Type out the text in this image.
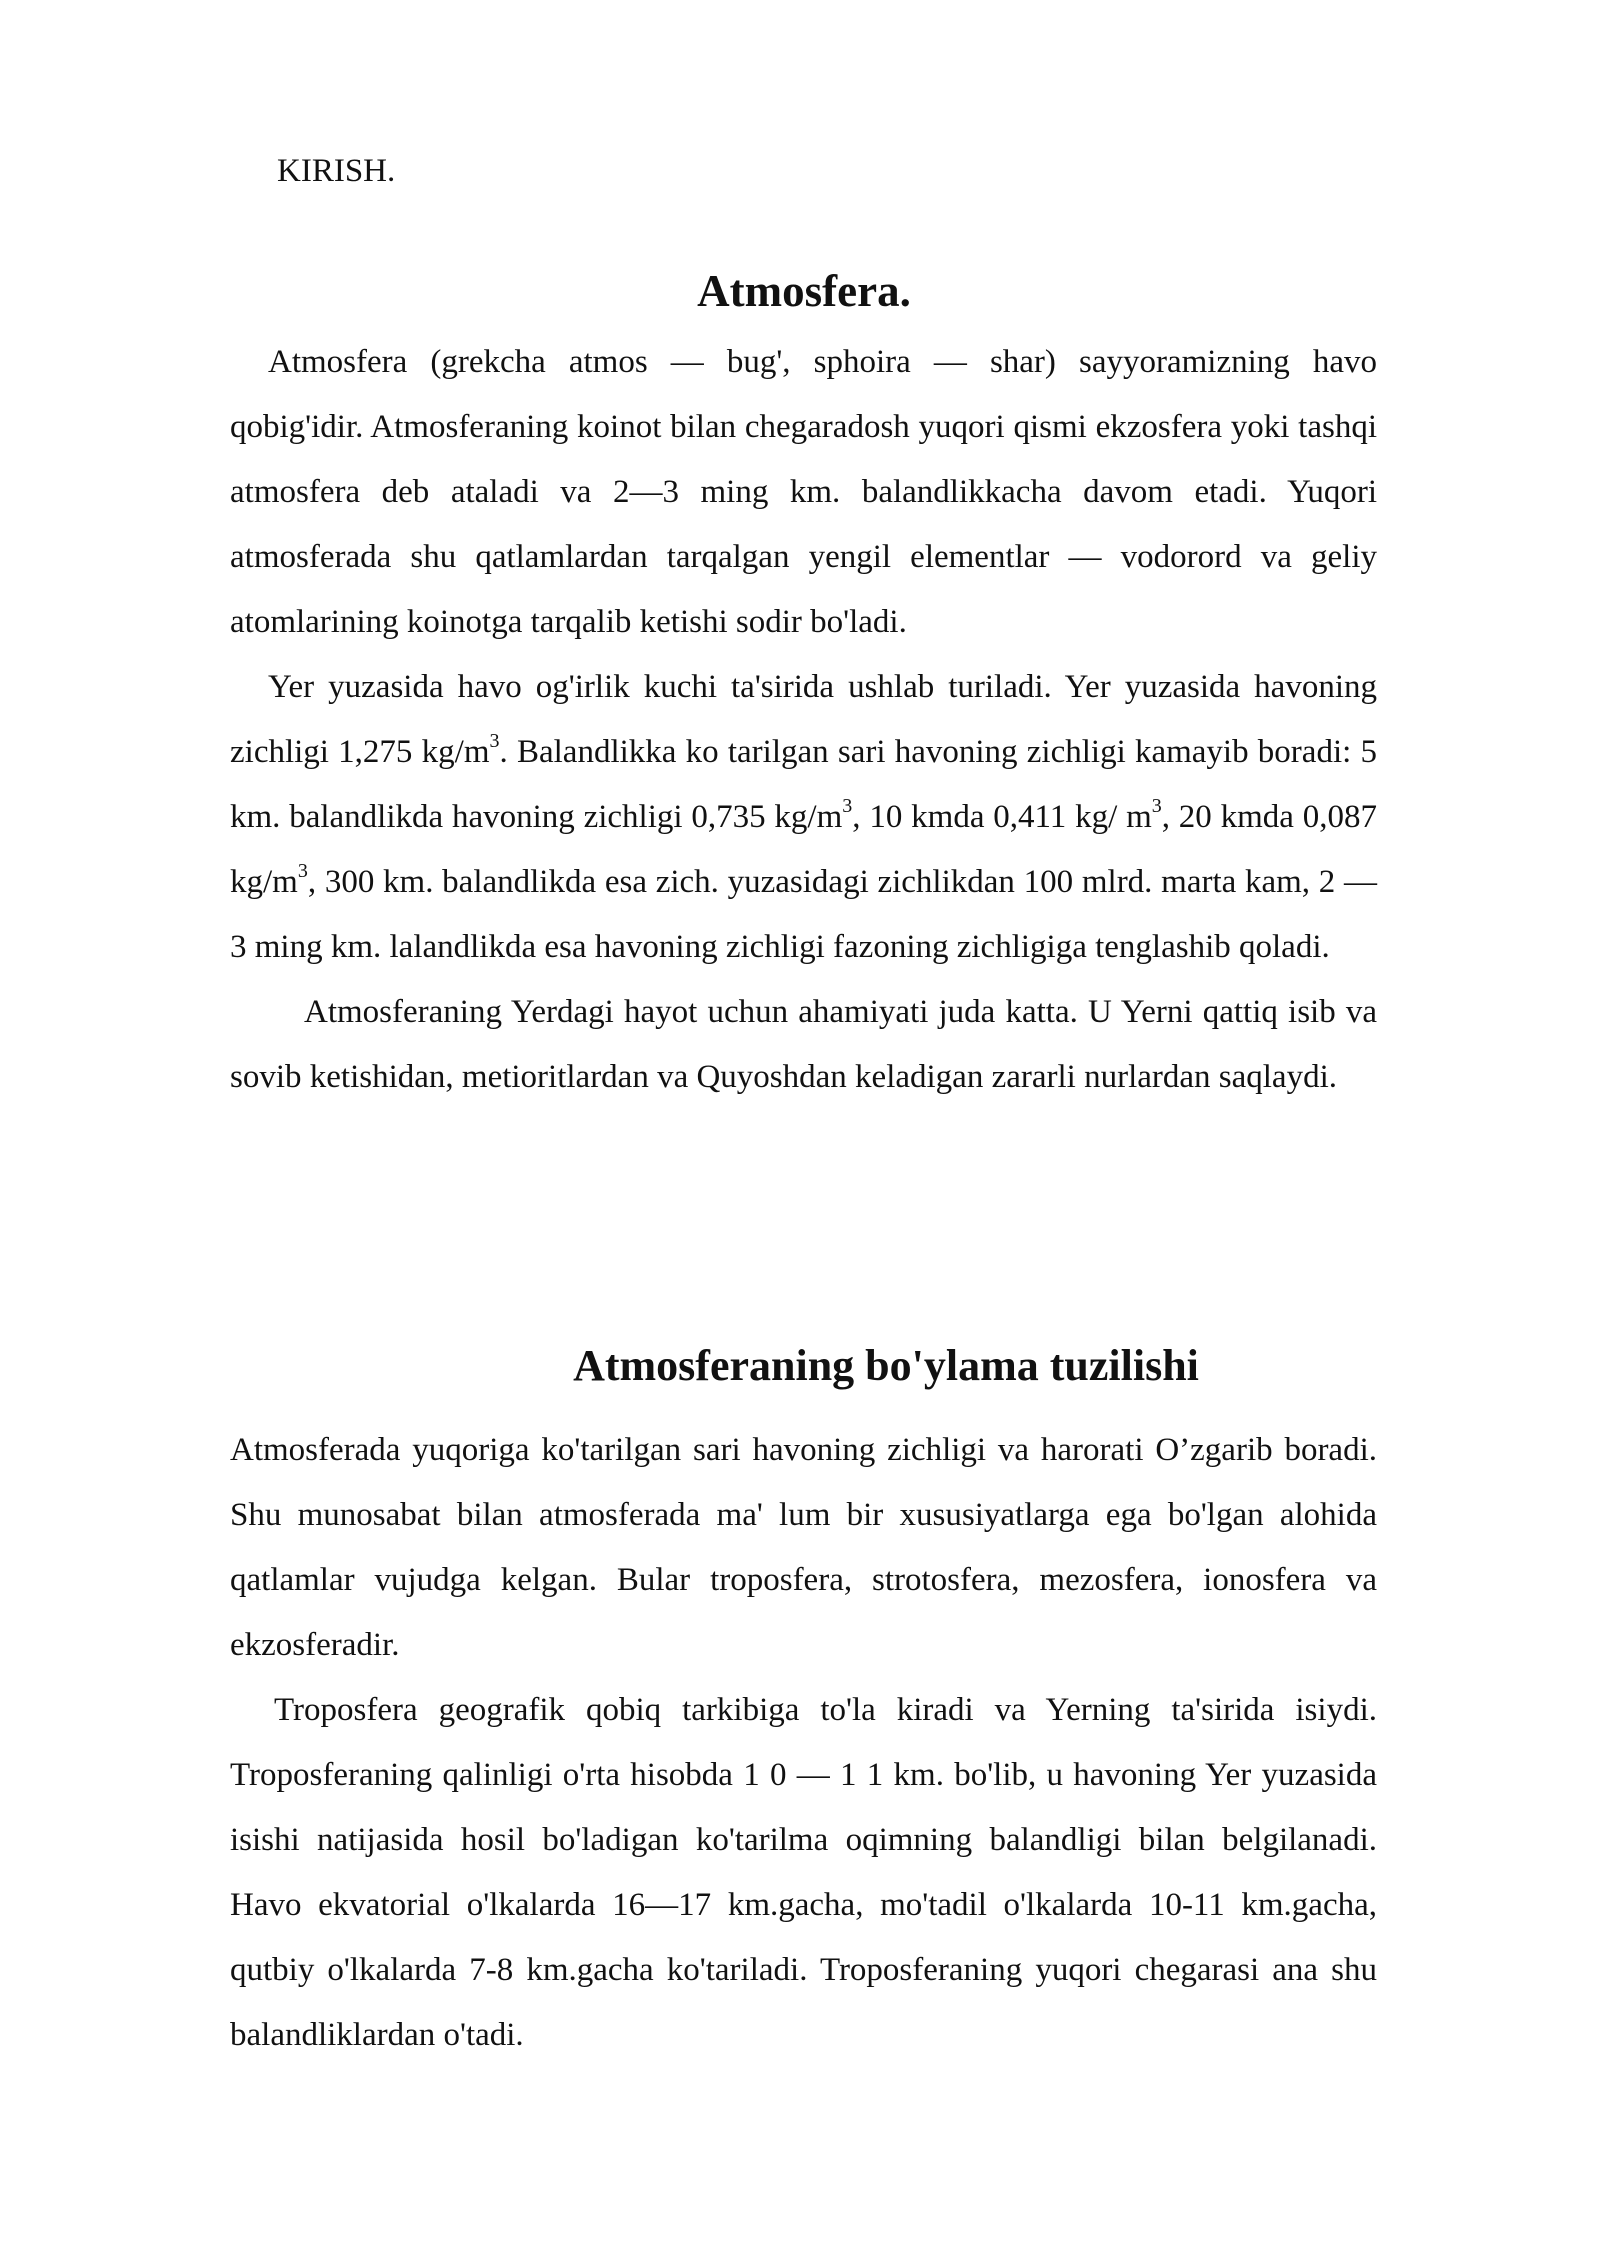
KIRISH.
Atmosfera.

Atmosfera (grekcha atmos — bug', sphoira — shar) sayyoramizning havo qobig'idir. Atmosferaning koinot bilan chegaradosh yuqori qismi ekzosfera yoki tashqi atmosfera deb ataladi va 2—3 ming km. balandlikkacha davom etadi. Yuqori atmosferada shu qatlamlardan tarqalgan yengil elementlar — vodorord va geliy atomlarining koinotga tarqalib ketishi sodir bo'ladi.

Yer yuzasida havo og'irlik kuchi ta'sirida ushlab turiladi. Yer yuzasida havoning zichligi 1,275 $kg/m^3$. Balandlikka ko tarilgan sari havoning zichligi kamayib boradi: 5 km. balandlikda havoning zichligi 0,735 $kg/m^3$, 10 kmda 0,411 kg/ $m^3$, 20 kmda 0,087 $kg/m^3$, 300 km. balandlikda esa zich. yuzasidagi zichlikdan 100 mlrd. marta kam, 2 — 3 ming km. lalandlikda esa havoning zichligi fazoning zichligiga tenglashib qoladi.

Atmosferaning Yerdagi hayot uchun ahamiyati juda katta. U Yerni qattiq isib va sovib ketishidan, metioritlardan va Quyoshdan keladigan zararli nurlardan saqlaydi.

Atmosferaning bo'ylama tuzilishi

Atmosferada yuqoriga ko'tarilgan sari havoning zichligi va harorati O’zgarib boradi. Shu munosabat bilan atmosferada ma' lum bir xususiyatlarga ega bo'lgan alohida qatlamlar vujudga kelgan. Bular troposfera, strotosfera, mezosfera, ionosfera va ekzosferadir.

Troposfera geografik qobiq tarkibiga to'la kiradi va Yerning ta'sirida isiydi. Troposferaning qalinligi o'rta hisobda 1 0 — 1 1 km. bo'lib, u havoning Yer yuzasida isishi natijasida hosil bo'ladigan ko'tarilma oqimning balandligi bilan belgilanadi. Havo ekvatorial o'lkalarda 16—17 km.gacha, mo'tadil o'lkalarda 10-11 km.gacha, qutbiy o'lkalarda 7-8 km.gacha ko'tariladi. Troposferaning yuqori chegarasi ana shu balandliklardan o'tadi.
